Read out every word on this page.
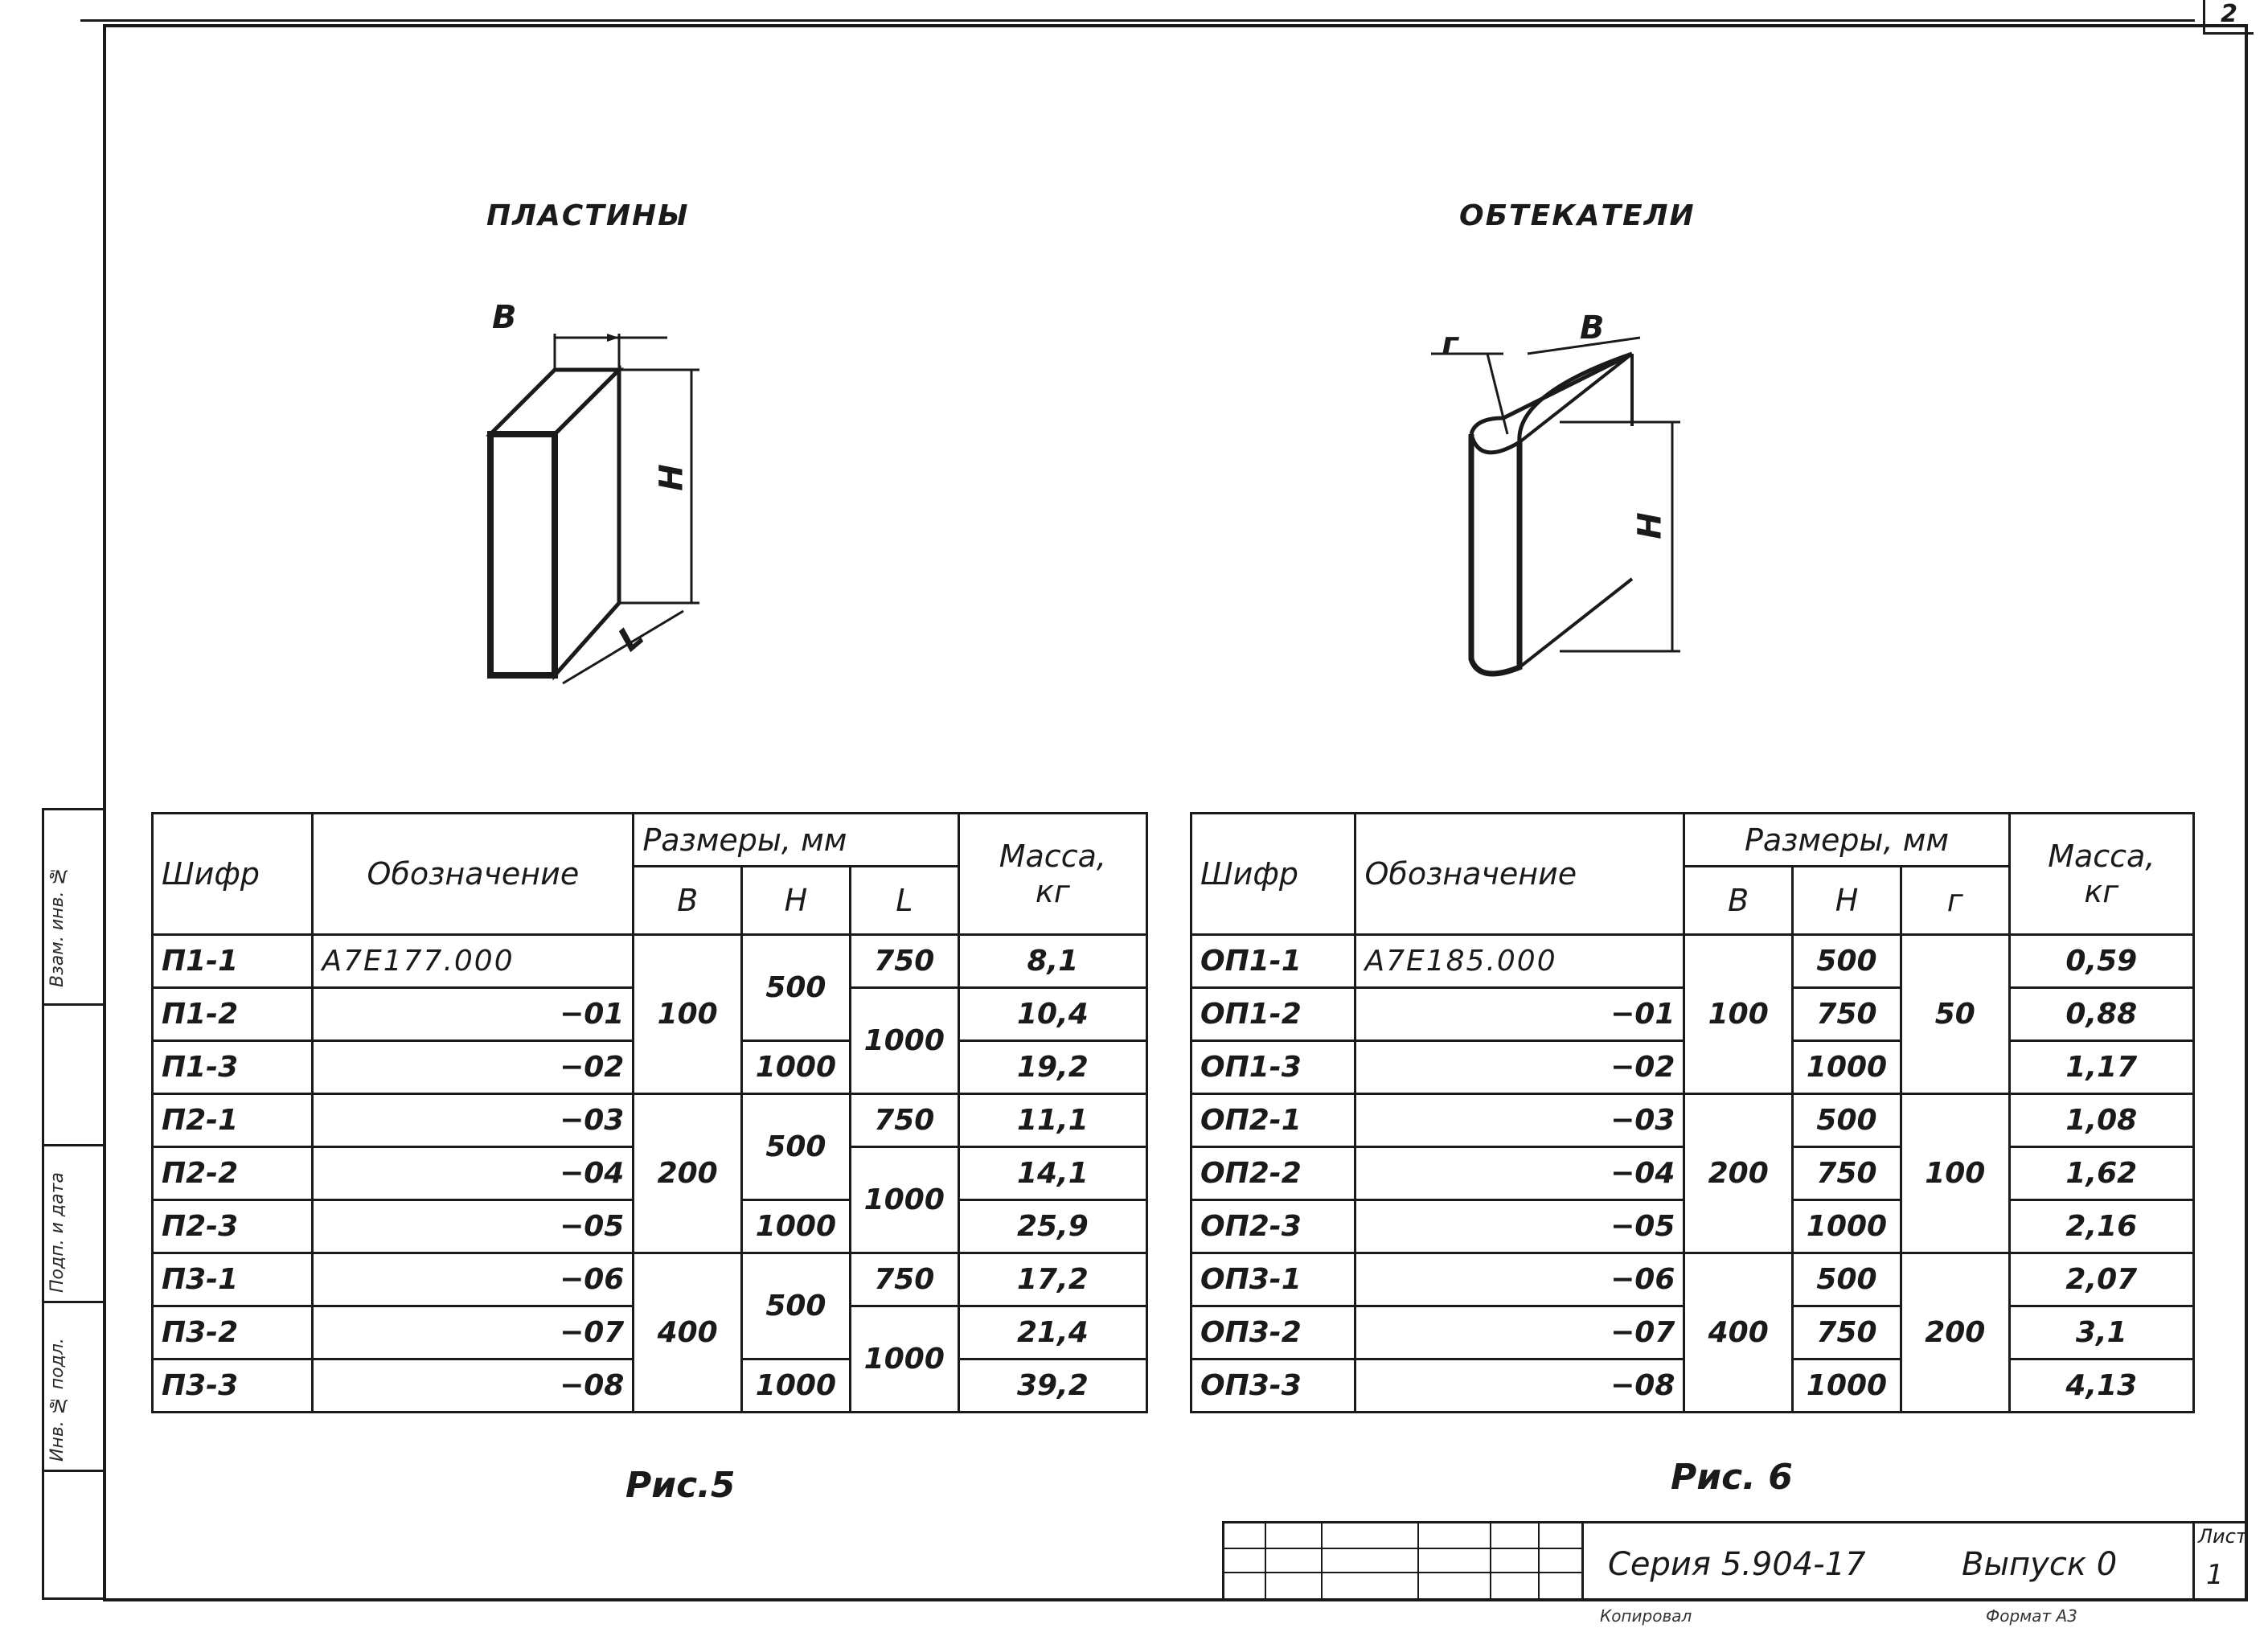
2
Взам. инв. №
Подп. и дата
Инв. № подл.
ПЛАСТИНЫ
В
Н
L
Шифр	Обозначение	Размеры, мм			Масса,
кг
		В	Н	L	
П1-1	А7Е177.000	100	500	750	8,1
П1-2	−01			1000	10,4
П1-3	−02		1000		19,2
П2-1	−03	200	500	750	11,1
П2-2	−04			1000	14,1
П2-3	−05		1000		25,9
П3-1	−06	400	500	750	17,2
П3-2	−07			1000	21,4
П3-3	−08		1000		39,2
Рис.5
ОБТЕКАТЕЛИ
г	В
Н
Шифр	Обозначение	Размеры, мм			Масса,
кг
		В	Н	г	
ОП1-1	А7Е185.000	100	500	50	0,59
ОП1-2	−01		750		0,88
ОП1-3	−02		1000		1,17
ОП2-1	−03	200	500	100	1,08
ОП2-2	−04		750		1,62
ОП2-3	−05		1000		2,16
ОП3-1	−06	400	500	200	2,07
ОП3-2	−07		750		3,1
ОП3-3	−08		1000		4,13
Рис. 6
Серия 5.904-17	Выпуск 0
Лист
1
Копировал	Формат А3
